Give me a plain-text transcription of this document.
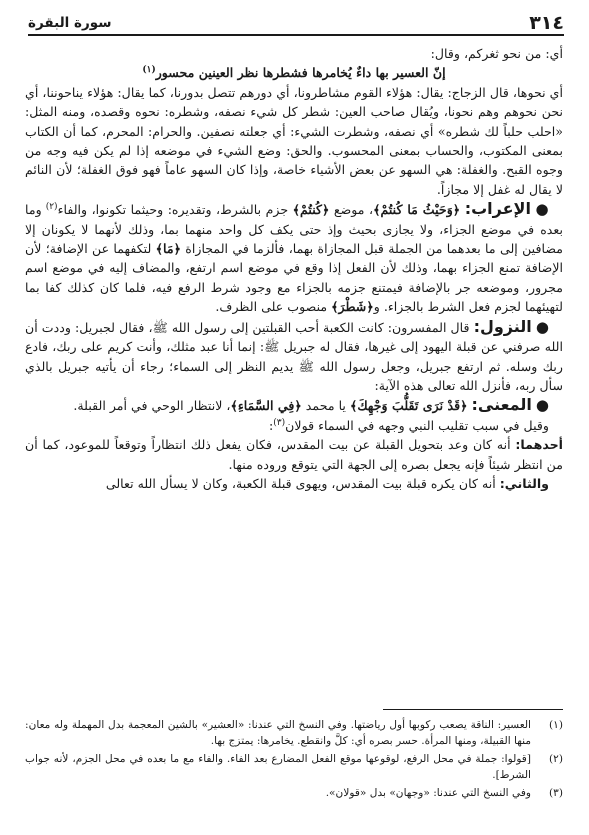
٣١٤
سورة البقرة

أي: من نحو ثغركم، وقال:

إنّ العسير بها داءٌ يُخامرها فشطرها نظر العينين محسور$^{(١)}$

أي نحوها، قال الزجاج: يقال: هؤلاء القوم مشاطرونا، أي دورهم تتصل بدورنا، كما يقال: هؤلاء يناحوننا، أي نحن نحوهم وهم نحونا، ويُقال صاحب العين: شطر كل شيء نصفه، وشطره: نحوه وقصده، ومنه المثل: «احلب حلباً لك شطره» أي نصفه، وشطرت الشيء: أي جعلته نصفين. والحرام: المحرم، كما أن الكتاب بمعنى المكتوب، والحساب بمعنى المحسوب. والحق: وضع الشيء في موضعه إذا لم يكن فيه وجه من وجوه القبح. والغفلة: هي السهو عن بعض الأشياء خاصة، وإذا كان السهو عاماً فهو فوق الغفلة؛ لأن النائم لا يقال له غفل إلا مجازاً.

● الإعراب: ﴿وَحَيْثُ مَا كُنتُمْ﴾، موضع ﴿كُنتُمْ﴾ جزم بالشرط، وتقديره: وحيثما تكونوا، والفاء$^{(٢)}$ وما بعده في موضع الجزاء، ولا يجازى بحيث وإذ حتى يكف كل واحد منهما بما، وذلك لأنهما لا يكونان إلا مضافين إلى ما بعدهما من الجملة قبل المجازاة بهما، فألزما في المجازاة ﴿مَا﴾ لتكفهما عن الإضافة؛ لأن الإضافة تمنع الجزاء بهما، وذلك لأن الفعل إذا وقع في موضع اسم ارتفع، والمضاف إليه في موضع اسم مجرور، وموضعه جر بالإضافة فيمتنع جزمه بالجزاء مع وجود شرط الرفع فيه، فلما كان كذلك كفا بما لتهيئهما لجزم فعل الشرط بالجزاء. و﴿شَطْرَ﴾ منصوب على الظرف.

● النزول: قال المفسرون: كانت الكعبة أحب القبلتين إلى رسول الله ﷺ، فقال لجبريل: وددت أن الله صرفني عن قبلة اليهود إلى غيرها، فقال له جبريل ﷺ: إنما أنا عبد مثلك، وأنت كريم على ربك، فادع ربك وسله. ثم ارتفع جبريل، وجعل رسول الله ﷺ يديم النظر إلى السماء؛ رجاء أن يأتيه جبريل بالذي سأل ربه، فأنزل الله تعالى هذه الآية:

● المعنى: ﴿قَدْ نَرَى تَقَلُّبَ وَجْهِكَ﴾ يا محمد ﴿فِي السَّمَاءِ﴾، لانتظار الوحي في أمر القبلة.

وقيل في سبب تقليب النبي وجهه في السماء قولان$^{(٣)}$:

أحدهما: أنه كان وعد بتحويل القبلة عن بيت المقدس، فكان يفعل ذلك انتظاراً وتوقعاً للموعود، كما أن من انتظر شيئاً فإنه يجعل بصره إلى الجهة التي يتوقع وروده منها.

والثاني: أنه كان يكره قبلة بيت المقدس، ويهوى قبلة الكعبة، وكان لا يسأل الله تعالى

(١)
العسير: الناقة يصعب ركوبها أول رياضتها. وفي النسخ التي عندنا: «العشير» بالشين المعجمة بدل المهملة وله معان: منها القبيلة، ومنها المرأة. حسر بصره أي: كلَّ وانقطع. يخامرها: يمتزج بها.
(٢)
[قولوا: جملة في محل الرفع، لوقوعها موقع الفعل المضارع بعد الفاء. والفاء مع ما بعده في محل الجزم، لأنه جواب الشرط].
(٣)
وفي النسخ التي عندنا: «وجهان» بدل «قولان».
